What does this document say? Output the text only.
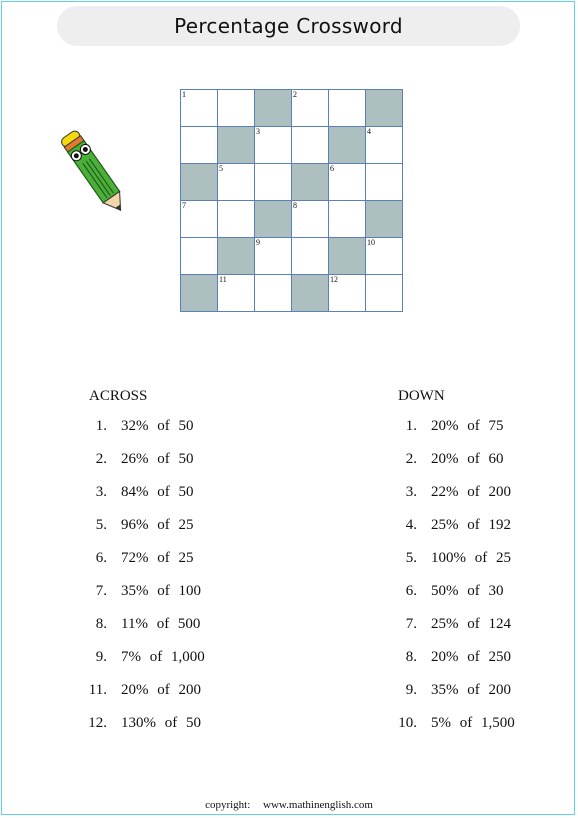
Percentage Crossword
1	2
3	4
5	6
7	8
9	10
11	12
ACROSS	DOWN
1. 32% of 50
2. 26% of 50
3. 84% of 50
5. 96% of 25
6. 72% of 25
7. 35% of 100
8. 11% of 500
9. 7% of 1,000
11. 20% of 200
12. 130% of 50
1. 20% of 75
2. 20% of 60
3. 22% of 200
4. 25% of 192
5. 100% of 25
6. 50% of 30
7. 25% of 124
8. 20% of 250
9. 35% of 200
10. 5% of 1,500
copyright: www.mathinenglish.com
